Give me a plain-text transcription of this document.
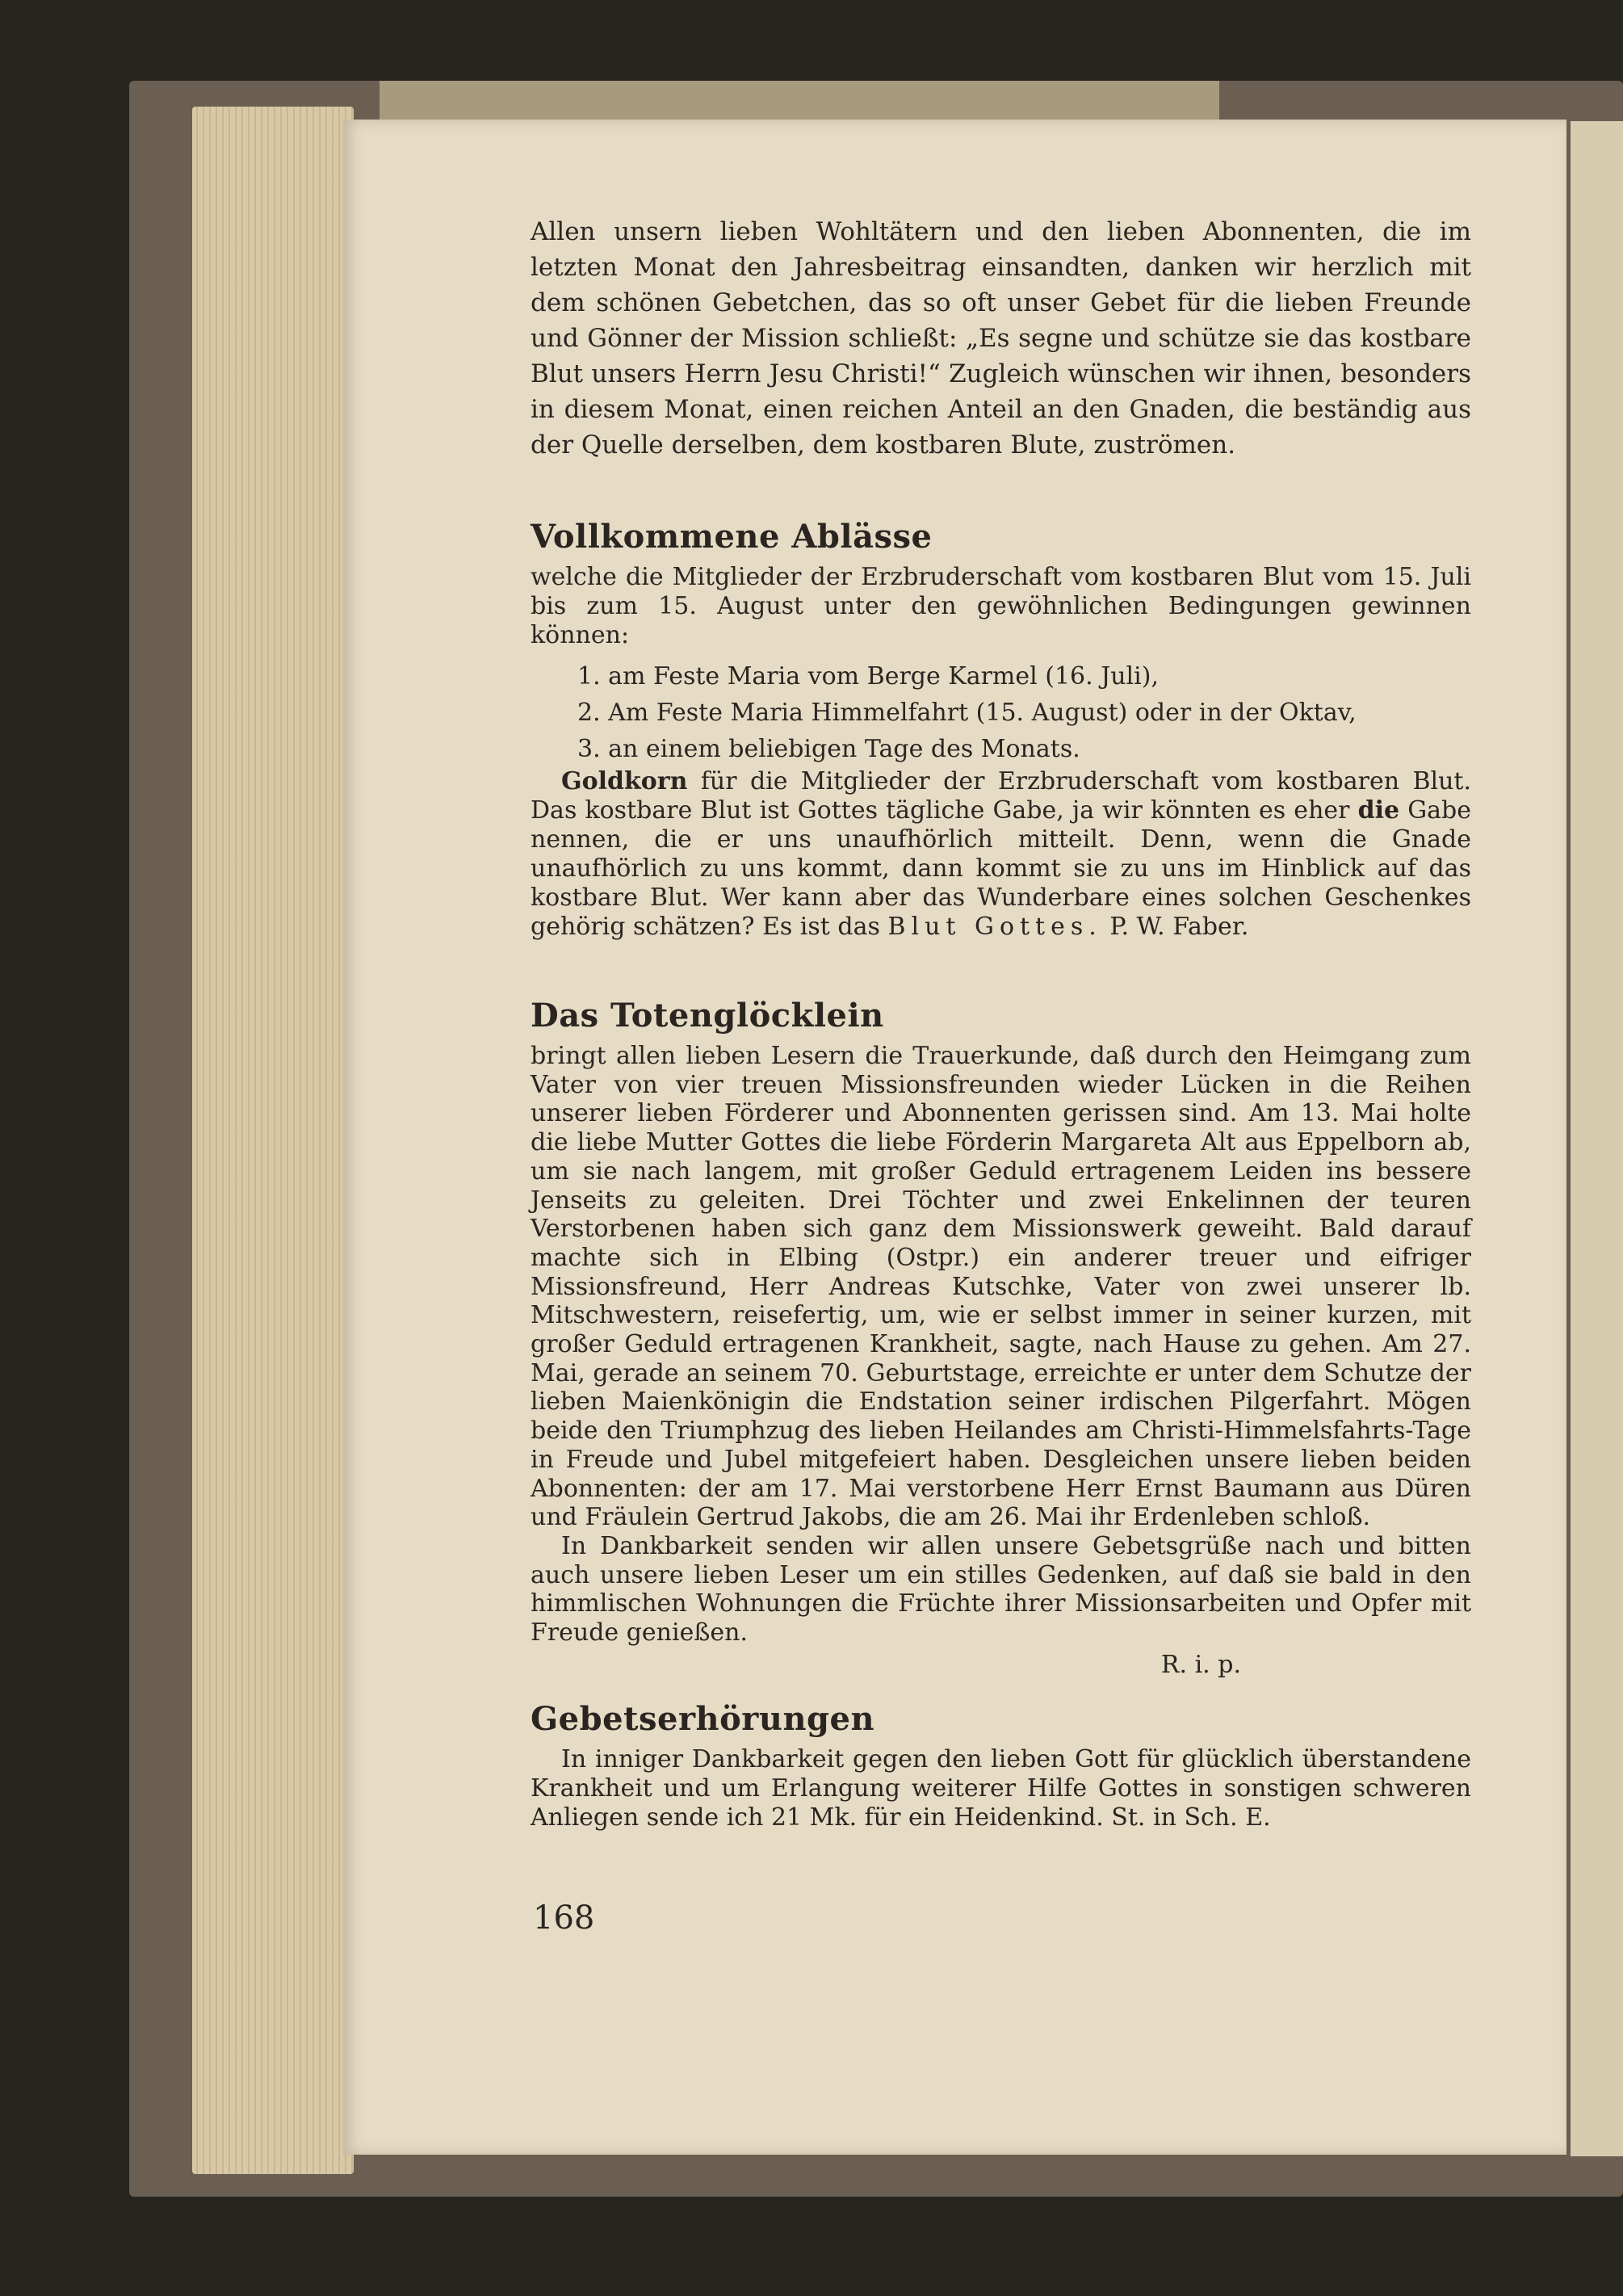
Allen unsern lieben Wohltätern und den lieben Abonnenten, die im letzten Monat den Jahresbeitrag einsandten, danken wir herzlich mit dem schönen Gebetchen, das so oft unser Gebet für die lieben Freunde und Gönner der Mission schließt: „Es segne und schütze sie das kostbare Blut unsers Herrn Jesu Christi!“ Zugleich wünschen wir ihnen, besonders in diesem Monat, einen reichen Anteil an den Gnaden, die beständig aus der Quelle derselben, dem kostbaren Blute, zuströmen.

Vollkommene Ablässe

welche die Mitglieder der Erzbruderschaft vom kostbaren Blut vom 15. Juli bis zum 15. August unter den gewöhnlichen Bedingungen gewinnen können:

1. am Feste Maria vom Berge Karmel (16. Juli),
2. Am Feste Maria Himmelfahrt (15. August) oder in der Oktav,
3. an einem beliebigen Tage des Monats.

Goldkorn für die Mitglieder der Erzbruderschaft vom kostbaren Blut. Das kostbare Blut ist Gottes tägliche Gabe, ja wir könnten es eher die Gabe nennen, die er uns unaufhörlich mitteilt. Denn, wenn die Gnade unaufhörlich zu uns kommt, dann kommt sie zu uns im Hinblick auf das kostbare Blut. Wer kann aber das Wunderbare eines solchen Geschenkes gehörig schätzen? Es ist das Blut Gottes. P. W. Faber.

Das Totenglöcklein

bringt allen lieben Lesern die Trauerkunde, daß durch den Heimgang zum Vater von vier treuen Missionsfreunden wieder Lücken in die Reihen unserer lieben Förderer und Abonnenten gerissen sind. Am 13. Mai holte die liebe Mutter Gottes die liebe Förderin Margareta Alt aus Eppelborn ab, um sie nach langem, mit großer Geduld ertragenem Leiden ins bessere Jenseits zu geleiten. Drei Töchter und zwei Enkelinnen der teuren Verstorbenen haben sich ganz dem Missionswerk geweiht. Bald darauf machte sich in Elbing (Ostpr.) ein anderer treuer und eifriger Missionsfreund, Herr Andreas Kutschke, Vater von zwei unserer lb. Mitschwestern, reisefertig, um, wie er selbst immer in seiner kurzen, mit großer Geduld ertragenen Krankheit, sagte, nach Hause zu gehen. Am 27. Mai, gerade an seinem 70. Geburtstage, erreichte er unter dem Schutze der lieben Maienkönigin die Endstation seiner irdischen Pilgerfahrt. Mögen beide den Triumphzug des lieben Heilandes am Christi-Himmelsfahrts-Tage in Freude und Jubel mitgefeiert haben. Desgleichen unsere lieben beiden Abonnenten: der am 17. Mai verstorbene Herr Ernst Baumann aus Düren und Fräulein Gertrud Jakobs, die am 26. Mai ihr Erdenleben schloß.

In Dankbarkeit senden wir allen unsere Gebetsgrüße nach und bitten auch unsere lieben Leser um ein stilles Gedenken, auf daß sie bald in den himmlischen Wohnungen die Früchte ihrer Missionsarbeiten und Opfer mit Freude genießen.

R. i. p.

Gebetserhörungen

In inniger Dankbarkeit gegen den lieben Gott für glücklich überstandene Krankheit und um Erlangung weiterer Hilfe Gottes in sonstigen schweren Anliegen sende ich 21 Mk. für ein Heidenkind. St. in Sch. E.

168
